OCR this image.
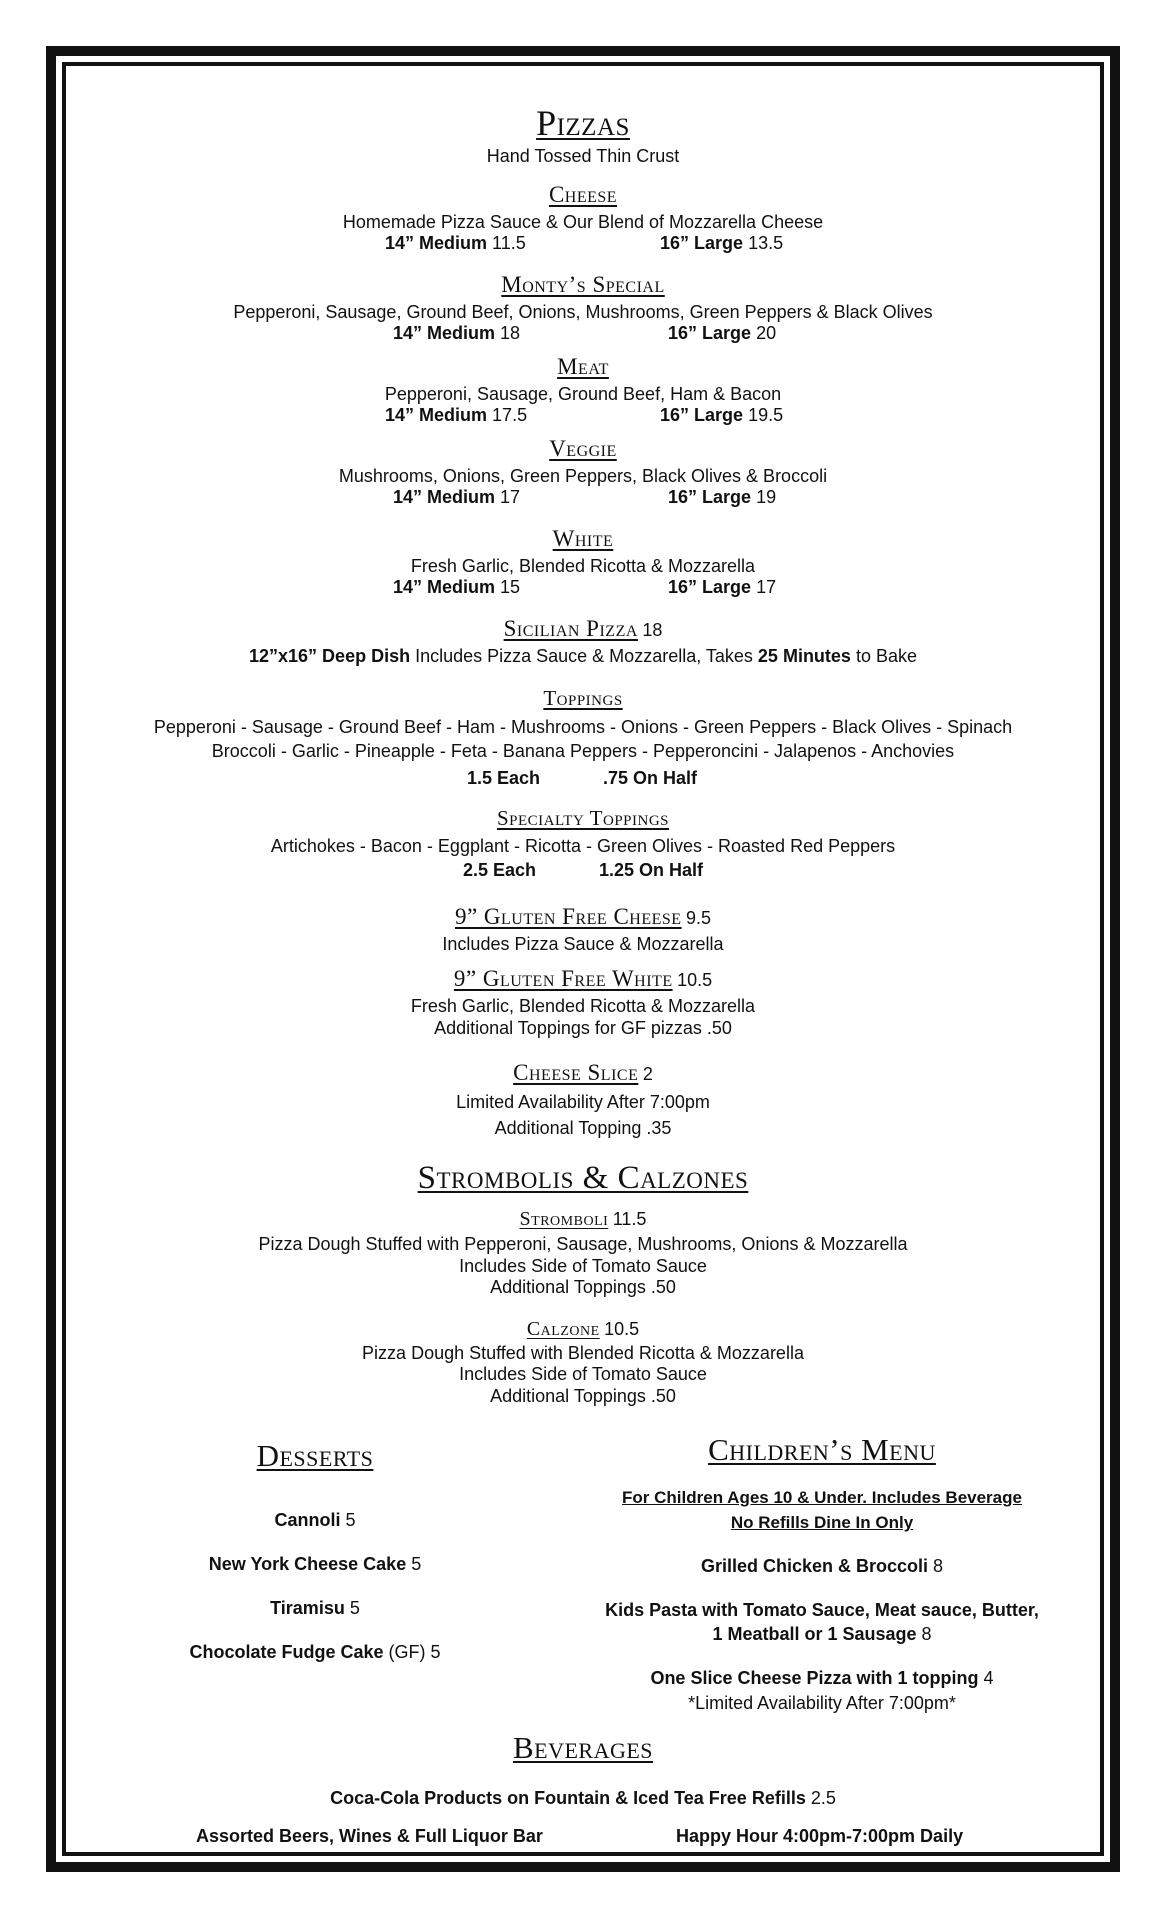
Pizzas
Hand Tossed Thin Crust
Cheese
Homemade Pizza Sauce & Our Blend of Mozzarella Cheese
14” Medium 11.5	16” Large 13.5
Monty’s Special
Pepperoni, Sausage, Ground Beef, Onions, Mushrooms, Green Peppers & Black Olives
14” Medium 18	16” Large 20
Meat
Pepperoni, Sausage, Ground Beef, Ham & Bacon
14” Medium 17.5	16” Large 19.5
Veggie
Mushrooms, Onions, Green Peppers, Black Olives & Broccoli
14” Medium 17	16” Large 19
White
Fresh Garlic, Blended Ricotta & Mozzarella
14” Medium 15	16” Large 17
Sicilian Pizza 18
12”x16” Deep Dish Includes Pizza Sauce & Mozzarella, Takes 25 Minutes to Bake
Toppings
Pepperoni - Sausage - Ground Beef - Ham - Mushrooms - Onions - Green Peppers - Black Olives - Spinach
Broccoli - Garlic - Pineapple - Feta - Banana Peppers - Pepperoncini - Jalapenos - Anchovies
1.5 Each	.75 On Half
Specialty Toppings
Artichokes - Bacon - Eggplant - Ricotta - Green Olives - Roasted Red Peppers
2.5 Each	1.25 On Half
9” Gluten Free Cheese 9.5
Includes Pizza Sauce & Mozzarella
9” Gluten Free White 10.5
Fresh Garlic, Blended Ricotta & Mozzarella
Additional Toppings for GF pizzas .50
Cheese Slice 2
Limited Availability After 7:00pm
Additional Topping .35
Strombolis & Calzones
Stromboli 11.5
Pizza Dough Stuffed with Pepperoni, Sausage, Mushrooms, Onions & Mozzarella
Includes Side of Tomato Sauce
Additional Toppings .50
Calzone 10.5
Pizza Dough Stuffed with Blended Ricotta & Mozzarella
Includes Side of Tomato Sauce
Additional Toppings .50
Desserts
Cannoli 5
New York Cheese Cake 5
Tiramisu 5
Chocolate Fudge Cake (GF) 5
Children’s Menu
For Children Ages 10 & Under. Includes Beverage
No Refills Dine In Only
Grilled Chicken & Broccoli 8
Kids Pasta with Tomato Sauce, Meat sauce, Butter,
1 Meatball or 1 Sausage 8
One Slice Cheese Pizza with 1 topping 4
*Limited Availability After 7:00pm*
Beverages
Coca-Cola Products on Fountain & Iced Tea Free Refills 2.5
Assorted Beers, Wines & Full Liquor Bar	Happy Hour 4:00pm-7:00pm Daily
